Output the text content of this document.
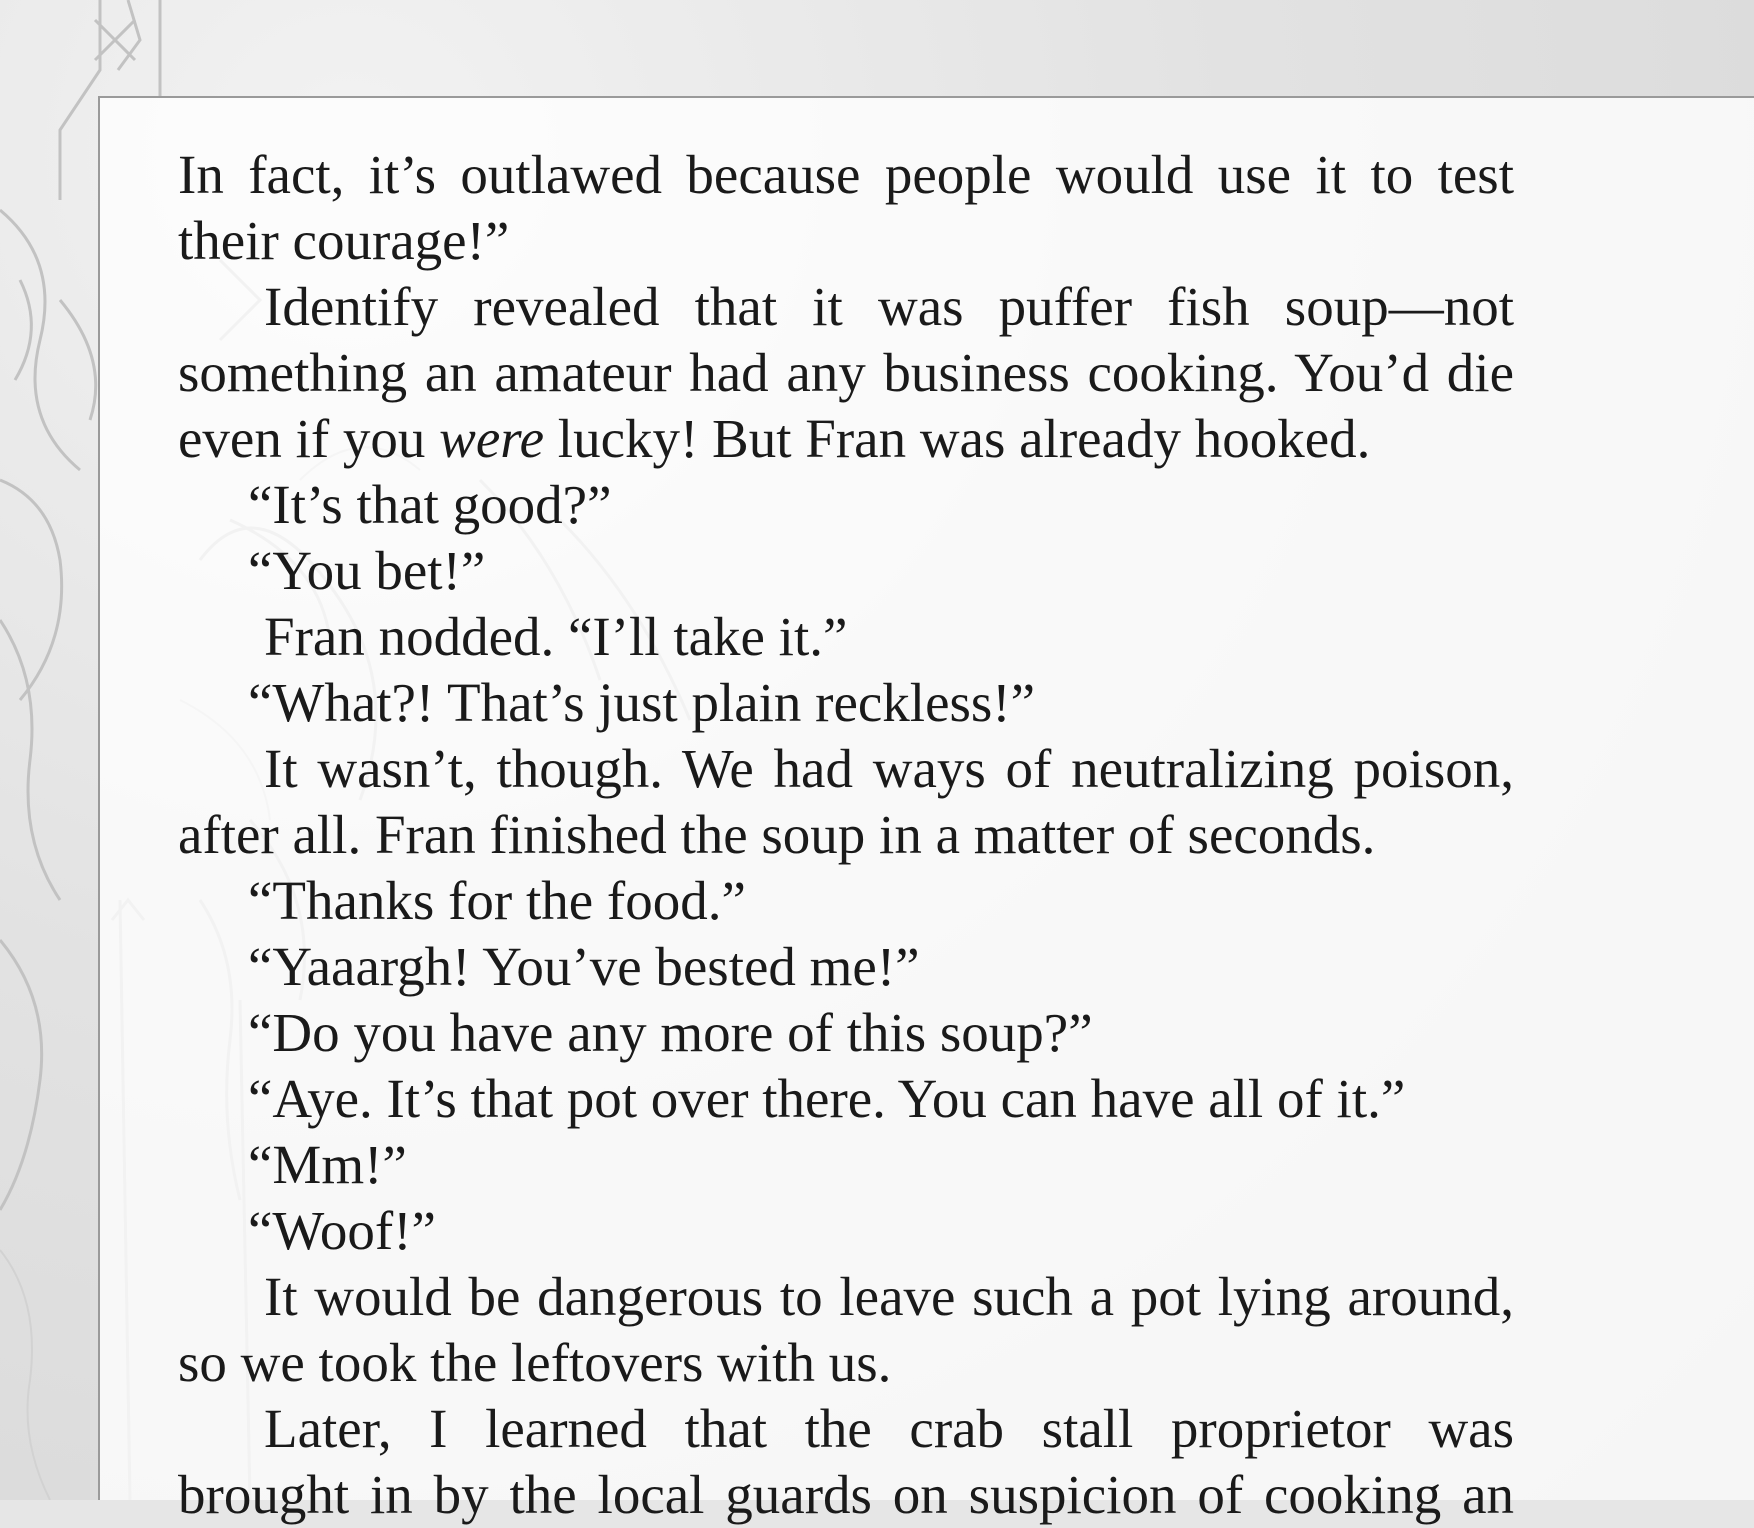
In fact, it’s outlawed because people would use it to test their courage!”

Identify revealed that it was puffer fish soup—not something an amateur had any business cooking. You’d die even if you were lucky! But Fran was already hooked.

“It’s that good?”

“You bet!”

Fran nodded. “I’ll take it.”

“What?! That’s just plain reckless!”

It wasn’t, though. We had ways of neutralizing poison, after all. Fran finished the soup in a matter of seconds.

“Thanks for the food.”

“Yaaargh! You’ve bested me!”

“Do you have any more of this soup?”

“Aye. It’s that pot over there. You can have all of it.”

“Mm!”

“Woof!”

It would be dangerous to leave such a pot lying around, so we took the leftovers with us.

Later, I learned that the crab stall proprietor was

brought in by the local guards on suspicion of cooking an
